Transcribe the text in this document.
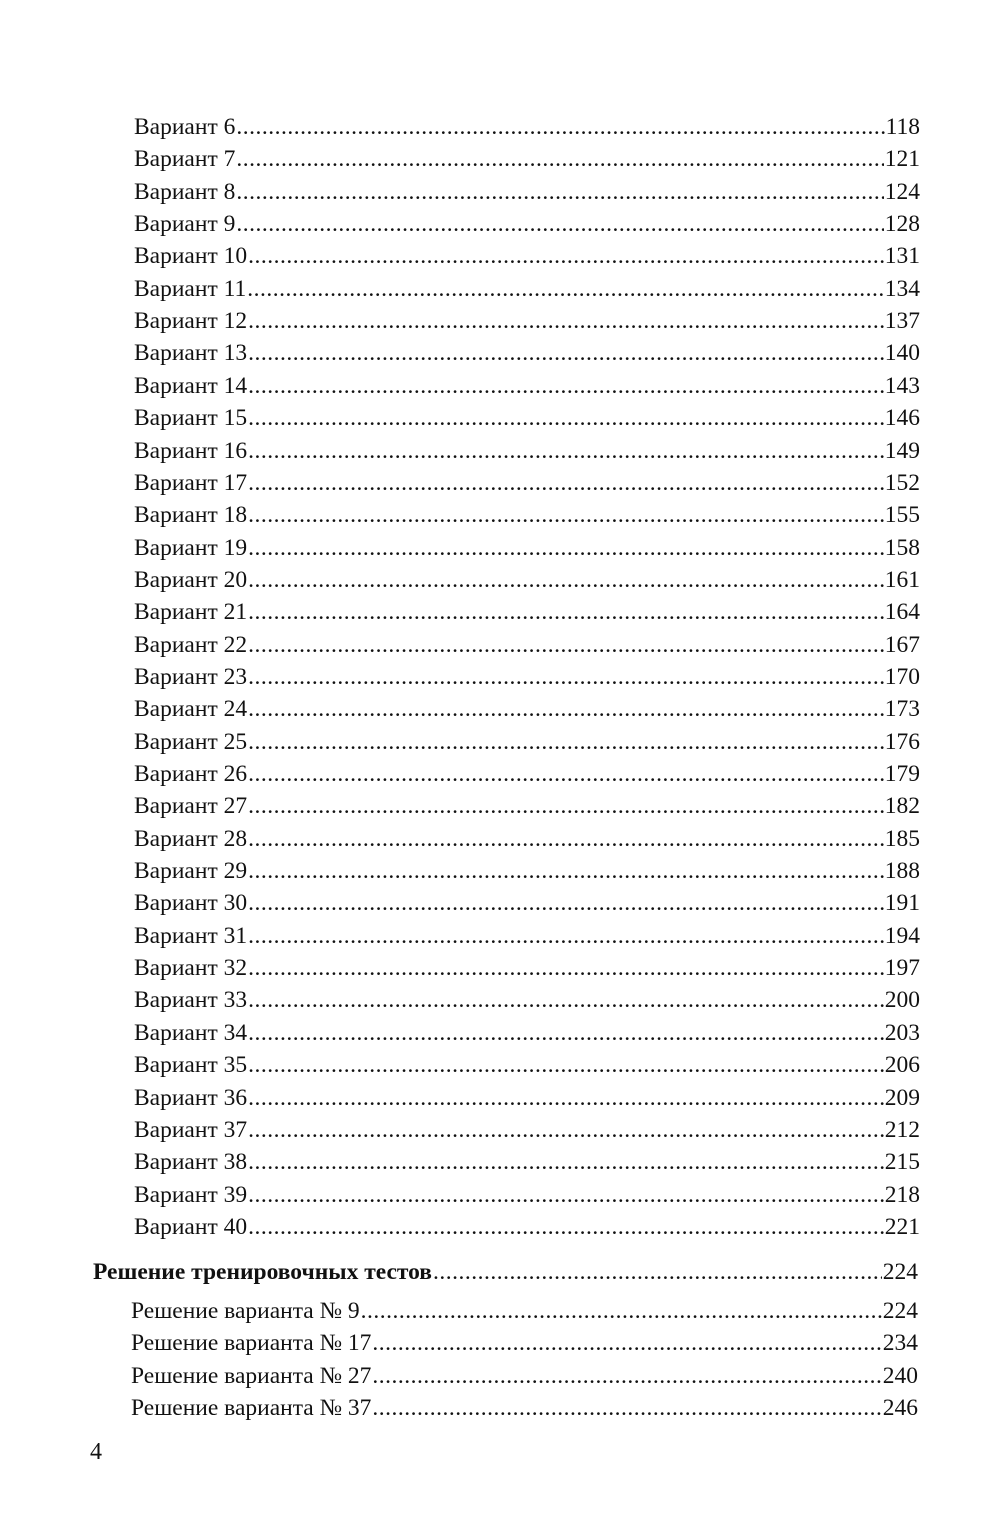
Вариант 6 .....	118
Вариант 7 .....	121
Вариант 8 .....	124
Вариант 9 .....	128
Вариант 10 .....	131
Вариант 11 .....	134
Вариант 12 .....	137
Вариант 13 .....	140
Вариант 14 .....	143
Вариант 15 .....	146
Вариант 16 .....	149
Вариант 17 .....	152
Вариант 18 .....	155
Вариант 19 .....	158
Вариант 20 .....	161
Вариант 21 .....	164
Вариант 22 .....	167
Вариант 23 .....	170
Вариант 24 .....	173
Вариант 25 .....	176
Вариант 26 .....	179
Вариант 27 .....	182
Вариант 28 .....	185
Вариант 29 .....	188
Вариант 30 .....	191
Вариант 31 .....	194
Вариант 32 .....	197
Вариант 33 .....	200
Вариант 34 .....	203
Вариант 35 .....	206
Вариант 36 .....	209
Вариант 37 .....	212
Вариант 38 .....	215
Вариант 39 .....	218
Вариант 40 .....	221
Решение тренировочных тестов .....	224
Решение варианта № 9 .....	224
Решение варианта № 17 .....	234
Решение варианта № 27 .....	240
Решение варианта № 37 .....	246
4
